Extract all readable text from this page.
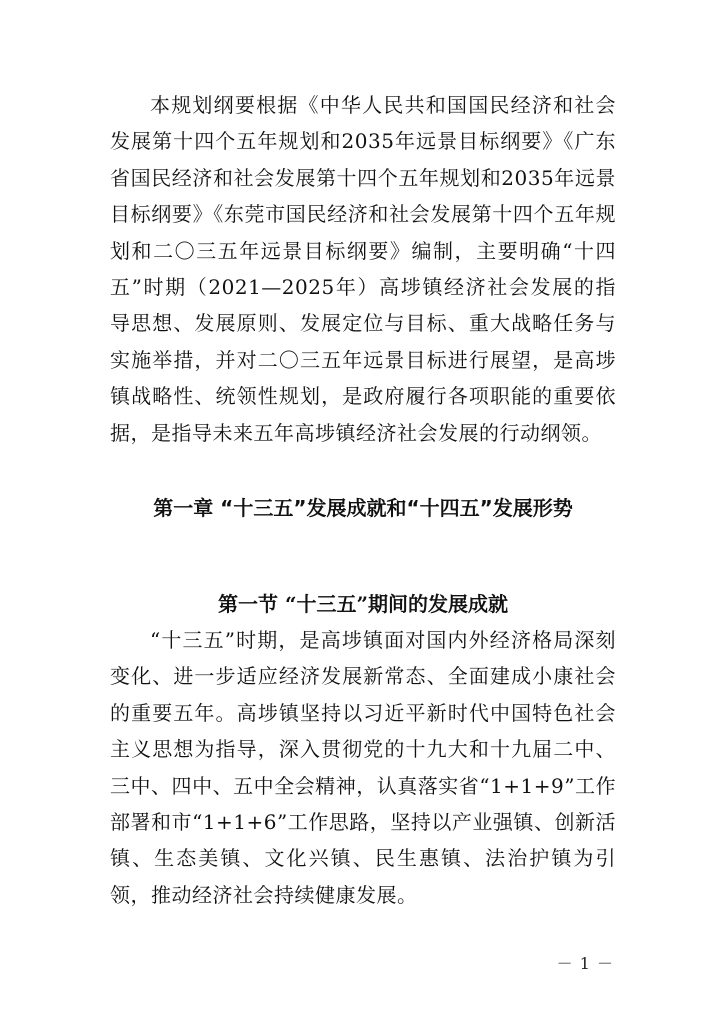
本规划纲要根据《中华人民共和国国民经济和社会发展第十四个五年规划和2035年远景目标纲要》《广东省国民经济和社会发展第十四个五年规划和2035年远景目标纲要》《东莞市国民经济和社会发展第十四个五年规划和二〇三五年远景目标纲要》编制，主要明确“十四五”时期（2021—2025年）高埗镇经济社会发展的指导思想、发展原则、发展定位与目标、重大战略任务与实施举措，并对二〇三五年远景目标进行展望，是高埗镇战略性、统领性规划，是政府履行各项职能的重要依据，是指导未来五年高埗镇经济社会发展的行动纲领。

第一章 “十三五”发展成就和“十四五”发展形势
第一节 “十三五”期间的发展成就

“十三五”时期，是高埗镇面对国内外经济格局深刻变化、进一步适应经济发展新常态、全面建成小康社会的重要五年。高埗镇坚持以习近平新时代中国特色社会主义思想为指导，深入贯彻党的十九大和十九届二中、三中、四中、五中全会精神，认真落实省“1+1+9”工作部署和市“1+1+6”工作思路，坚持以产业强镇、创新活镇、生态美镇、文化兴镇、民生惠镇、法治护镇为引领，推动经济社会持续健康发展。

－ 1 －
